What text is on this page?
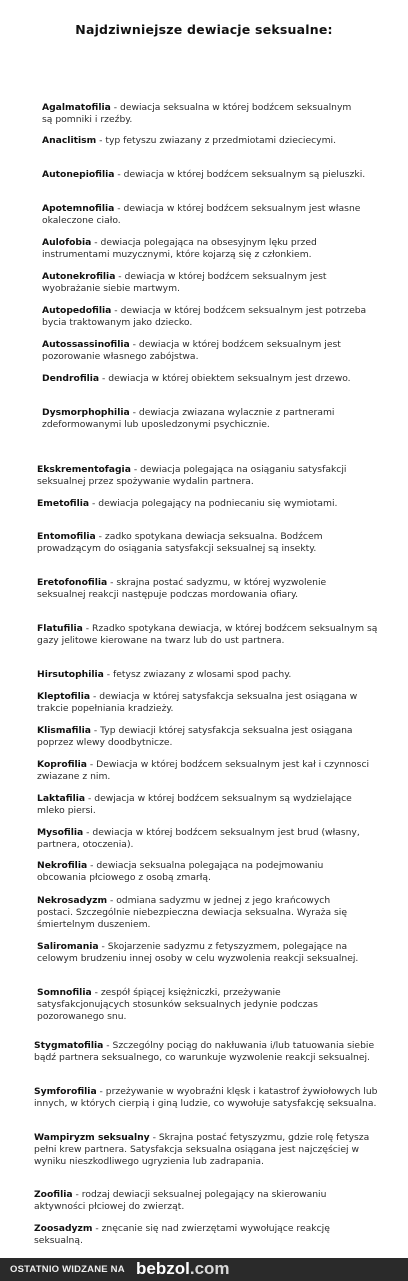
Najdziwniejsze dewiacje seksualne:
Agalmatofilia - dewiacja seksualna w której bodźcem seksualnym są pomniki i rzeźby.
Anaclitism - typ fetyszu zwiazany z przedmiotami dzieciecymi.
Autonepiofilia - dewiacja w której bodźcem seksualnym są pieluszki.
Apotemnofilia - dewiacja w której bodźcem seksualnym jest własne okaleczone ciało.
Aulofobia - dewiacja polegająca na obsesyjnym lęku przed instrumentami muzycznymi, które kojarzą się z członkiem.
Autonekrofilia - dewiacja w której bodźcem seksualnym jest wyobrażanie siebie martwym.
Autopedofilia - dewiacja w której bodźcem seksualnym jest potrzeba bycia traktowanym jako dziecko.
Autossassinofilia - dewiacja w której bodźcem seksualnym jest pozorowanie własnego zabójstwa.
Dendrofilia - dewiacja w której obiektem seksualnym jest drzewo.
Dysmorphophilia - dewiacja zwiazana wylacznie z partnerami zdeformowanymi lub uposledzonymi psychicznie.
Ekskrementofagia - dewiacja polegająca na osiąganiu satysfakcji seksualnej przez spożywanie wydalin partnera.
Emetofilia - dewiacja polegający na podniecaniu się wymiotami.
Entomofilia - zadko spotykana dewiacja seksualna. Bodźcem prowadzącym do osiągania satysfakcji seksualnej są insekty.
Eretofonofilia - skrajna postać sadyzmu, w której wyzwolenie seksualnej reakcji następuje podczas mordowania ofiary.
Flatufilia - Rzadko spotykana dewiacja, w której bodźcem seksualnym są gazy jelitowe kierowane na twarz lub do ust partnera.
Hirsutophilia - fetysz zwiazany z wlosami spod pachy.
Kleptofilia - dewiacja w której satysfakcja seksualna jest osiągana w trakcie popełniania kradzieży.
Klismafilia - Typ dewiacji której satysfakcja seksualna jest osiągana poprzez wlewy doodbytnicze.
Koprofilia - Dewiacja w której bodźcem seksualnym jest kał i czynnosci zwiazane z nim.
Laktafilia - dewjacja w której bodźcem seksualnym są wydzielające mleko piersi.
Mysofilia - dewiacja w której bodźcem seksualnym jest brud (własny, partnera, otoczenia).
Nekrofilia - dewiacja seksualna polegająca na podejmowaniu obcowania płciowego z osobą zmarłą.
Nekrosadyzm - odmiana sadyzmu w jednej z jego krańcowych postaci. Szczególnie niebezpieczna dewiacja seksualna. Wyraża się śmiertelnym duszeniem.
Saliromania - Skojarzenie sadyzmu z fetyszyzmem, polegające na celowym brudzeniu innej osoby w celu wyzwolenia reakcji seksualnej.
Somnofilia - zespół śpiącej księżniczki, przeżywanie satysfakcjonujących stosunków seksualnych jedynie podczas pozorowanego snu.
Stygmatofilia - Szczególny pociąg do nakłuwania i/lub tatuowania siebie bądź partnera seksualnego, co warunkuje wyzwolenie reakcji seksualnej.
Symforofilia - przeżywanie w wyobraźni klęsk i katastrof żywiołowych lub innych, w których cierpią i giną ludzie, co wywołuje satysfakcję seksualna.
Wampiryzm seksualny - Skrajna postać fetyszyzmu, gdzie rolę fetysza pełni krew partnera. Satysfakcja seksualna osiągana jest najczęściej w wyniku nieszkodliwego ugryzienia lub zadrapania.
Zoofilia - rodzaj dewiacji seksualnej polegający na skierowaniu aktywności płciowej do zwierząt.
Zoosadyzm - znęcanie się nad zwierzętami wywołujące reakcję seksualną.
OSTATNIO WIDZANE NA bebzol.com
